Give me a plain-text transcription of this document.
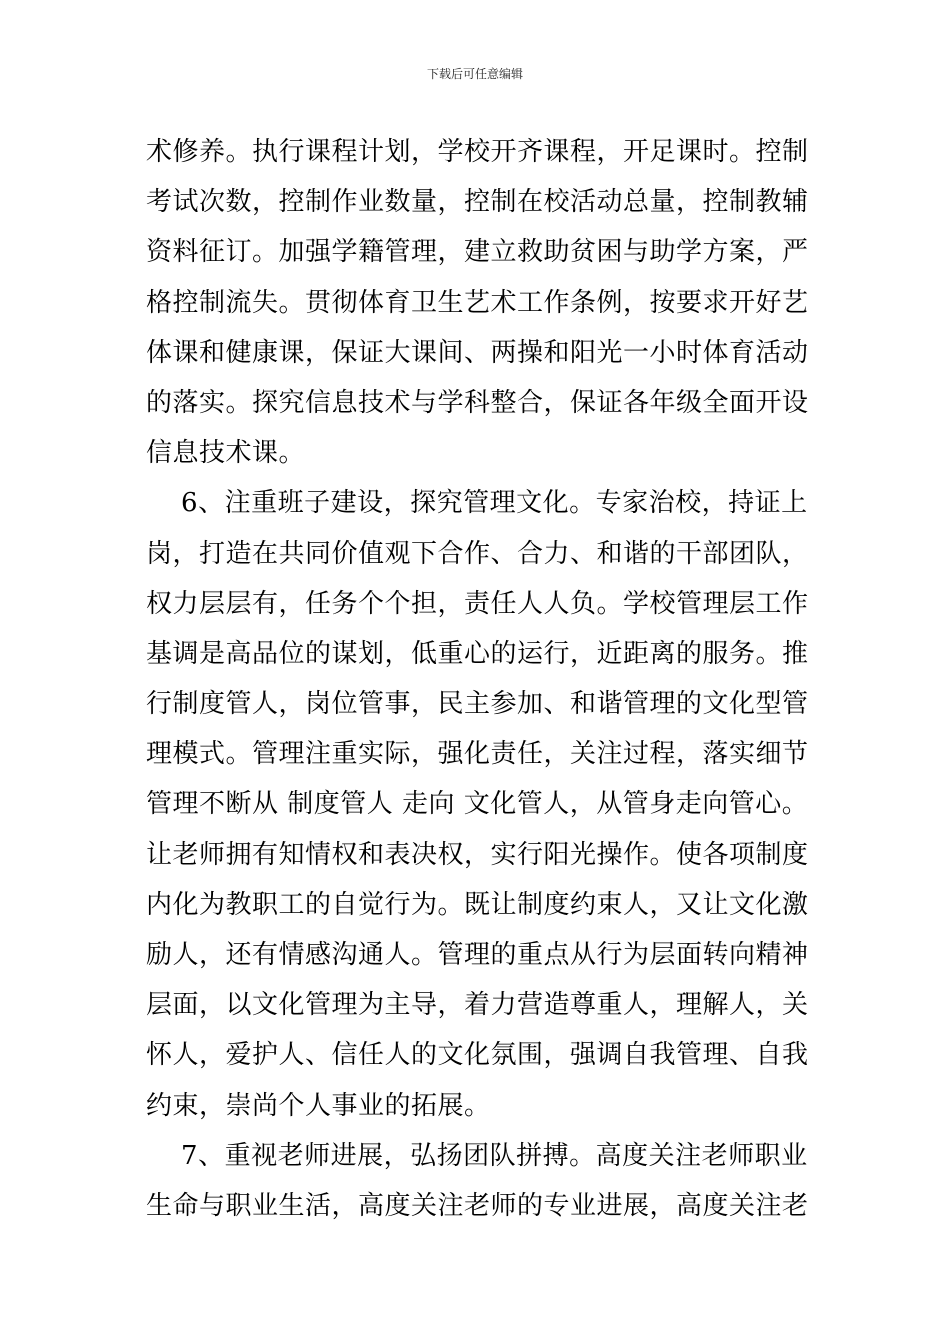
下载后可任意编辑
术修养。执行课程计划，学校开齐课程，开足课时。控制
考试次数，控制作业数量，控制在校活动总量，控制教辅
资料征订。加强学籍管理，建立救助贫困与助学方案，严
格控制流失。贯彻体育卫生艺术工作条例，按要求开好艺
体课和健康课，保证大课间、两操和阳光一小时体育活动
的落实。探究信息技术与学科整合，保证各年级全面开设
信息技术课。
6、注重班子建设，探究管理文化。专家治校，持证上
岗，打造在共同价值观下合作、合力、和谐的干部团队，
权力层层有，任务个个担，责任人人负。学校管理层工作
基调是高品位的谋划，低重心的运行，近距离的服务。推
行制度管人，岗位管事，民主参加、和谐管理的文化型管
理模式。管理注重实际，强化责任，关注过程，落实细节
管理不断从 制度管人 走向 文化管人，从管身走向管心。
让老师拥有知情权和表决权，实行阳光操作。使各项制度
内化为教职工的自觉行为。既让制度约束人，又让文化激
励人，还有情感沟通人。管理的重点从行为层面转向精神
层面，以文化管理为主导，着力营造尊重人，理解人，关
怀人，爱护人、信任人的文化氛围，强调自我管理、自我
约束，崇尚个人事业的拓展。
7、重视老师进展，弘扬团队拼搏。高度关注老师职业
生命与职业生活，高度关注老师的专业进展，高度关注老
